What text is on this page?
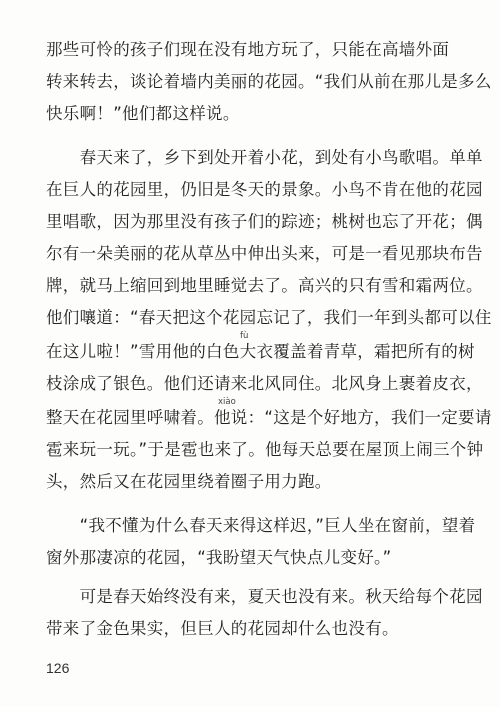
那些可怜的孩子们现在没有地方玩了，只能在高墙外面
转来转去，谈论着墙内美丽的花园。“我们从前在那儿是多么
快乐啊！”他们都这样说。
　　春天来了，乡下到处开着小花，到处有小鸟歌唱。单单
在巨人的花园里，仍旧是冬天的景象。小鸟不肯在他的花园
里唱歌，因为那里没有孩子们的踪迹；桃树也忘了开花；偶
尔有一朵美丽的花从草丛中伸出头来，可是一看见那块布告
牌，就马上缩回到地里睡觉去了。高兴的只有雪和霜两位。
他们嚷道：“春天把这个花园忘记了，我们一年到头都可以住
fù
在这儿啦！”雪用他的白色大衣覆盖着青草，霜把所有的树
枝涂成了银色。他们还请来北风同住。北风身上裹着皮衣，
xiào
整天在花园里呼啸着。他说：“这是个好地方，我们一定要请
雹来玩一玩。”于是雹也来了。他每天总要在屋顶上闹三个钟
头，然后又在花园里绕着圈子用力跑。
　　“我不懂为什么春天来得这样迟，”巨人坐在窗前，望着
窗外那凄凉的花园，“我盼望天气快点儿变好。”
　　可是春天始终没有来，夏天也没有来。秋天给每个花园
带来了金色果实，但巨人的花园却什么也没有。
126
